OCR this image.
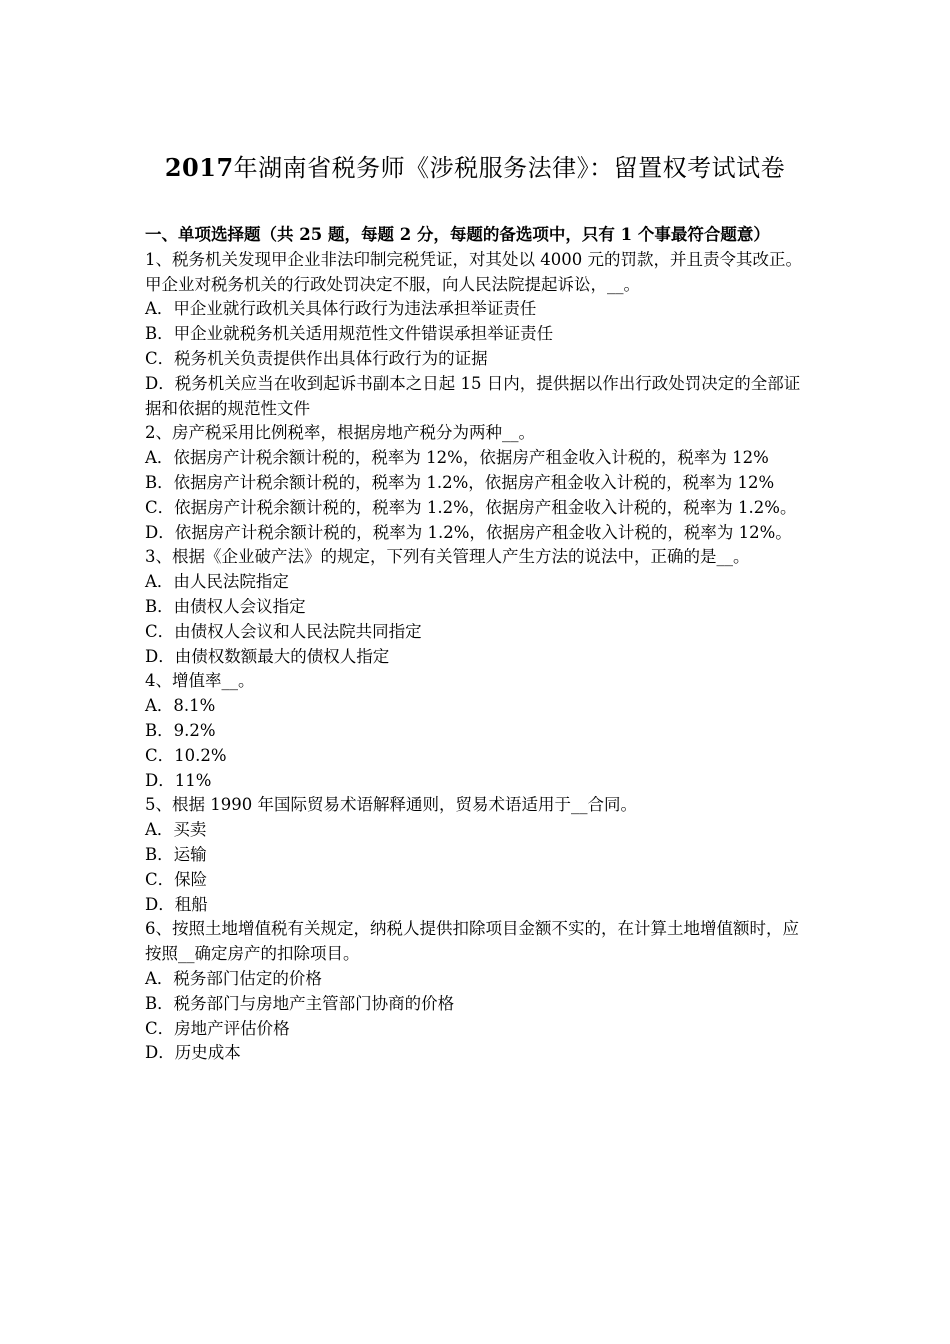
2017年湖南省税务师《涉税服务法律》：留置权考试试卷

一、单项选择题（共 25 题，每题 2 分，每题的备选项中，只有 1 个事最符合题意）

1、税务机关发现甲企业非法印制完税凭证，对其处以 4000 元的罚款，并且责令其改正。甲企业对税务机关的行政处罚决定不服，向人民法院提起诉讼，__。

A．甲企业就行政机关具体行政行为违法承担举证责任

B．甲企业就税务机关适用规范性文件错误承担举证责任

C．税务机关负责提供作出具体行政行为的证据

D．税务机关应当在收到起诉书副本之日起 15 日内，提供据以作出行政处罚决定的全部证据和依据的规范性文件

2、房产税采用比例税率，根据房地产税分为两种__。

A．依据房产计税余额计税的，税率为 12%，依据房产租金收入计税的，税率为 12%

B．依据房产计税余额计税的，税率为 1.2%，依据房产租金收入计税的，税率为 12%

C．依据房产计税余额计税的，税率为 1.2%，依据房产租金收入计税的，税率为 1.2%。

D．依据房产计税余额计税的，税率为 1.2%，依据房产租金收入计税的，税率为 12%。

3、根据《企业破产法》的规定，下列有关管理人产生方法的说法中，正确的是__。

A．由人民法院指定

B．由债权人会议指定

C．由债权人会议和人民法院共同指定

D．由债权数额最大的债权人指定

4、增值率__。

A．8.1%

B．9.2%

C．10.2%

D．11%

5、根据 1990 年国际贸易术语解释通则，贸易术语适用于__合同。

A．买卖

B．运输

C．保险

D．租船

6、按照土地增值税有关规定，纳税人提供扣除项目金额不实的，在计算土地增值额时，应按照__确定房产的扣除项目。

A．税务部门估定的价格

B．税务部门与房地产主管部门协商的价格

C．房地产评估价格

D．历史成本
